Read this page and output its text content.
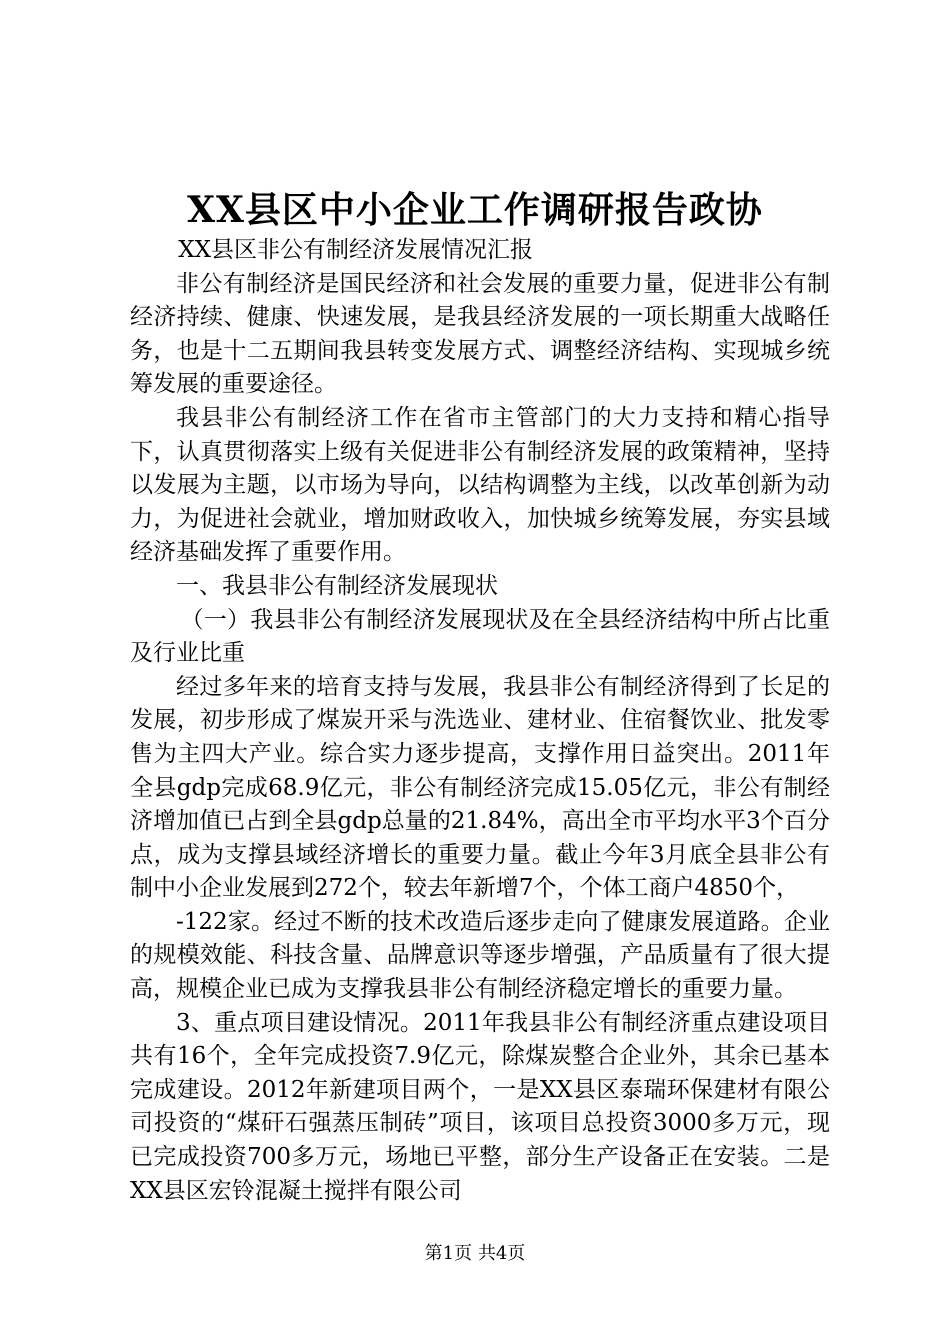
XX县区中小企业工作调研报告政协

XX县区非公有制经济发展情况汇报

非公有制经济是国民经济和社会发展的重要力量，促进非公有制经济持续、健康、快速发展，是我县经济发展的一项长期重大战略任务，也是十二五期间我县转变发展方式、调整经济结构、实现城乡统筹发展的重要途径。

我县非公有制经济工作在省市主管部门的大力支持和精心指导下，认真贯彻落实上级有关促进非公有制经济发展的政策精神，坚持以发展为主题，以市场为导向，以结构调整为主线，以改革创新为动力，为促进社会就业，增加财政收入，加快城乡统筹发展，夯实县域经济基础发挥了重要作用。

一、我县非公有制经济发展现状

（一）我县非公有制经济发展现状及在全县经济结构中所占比重及行业比重

经过多年来的培育支持与发展，我县非公有制经济得到了长足的发展，初步形成了煤炭开采与洗选业、建材业、住宿餐饮业、批发零售为主四大产业。综合实力逐步提高，支撑作用日益突出。2011年全县gdp完成68.9亿元，非公有制经济完成15.05亿元，非公有制经济增加值已占到全县gdp总量的21.84%，高出全市平均水平3个百分点，成为支撑县域经济增长的重要力量。截止今年3月底全县非公有制中小企业发展到272个，较去年新增7个，个体工商户4850个，

-122家。经过不断的技术改造后逐步走向了健康发展道路。企业的规模效能、科技含量、品牌意识等逐步增强，产品质量有了很大提高，规模企业已成为支撑我县非公有制经济稳定增长的重要力量。

3、重点项目建设情况。2011年我县非公有制经济重点建设项目共有16个，全年完成投资7.9亿元，除煤炭整合企业外，其余已基本完成建设。2012年新建项目两个，一是XX县区泰瑞环保建材有限公司投资的“煤矸石强蒸压制砖”项目，该项目总投资3000多万元，现已完成投资700多万元，场地已平整，部分生产设备正在安装。二是XX县区宏铃混凝土搅拌有限公司

第1页 共4页
